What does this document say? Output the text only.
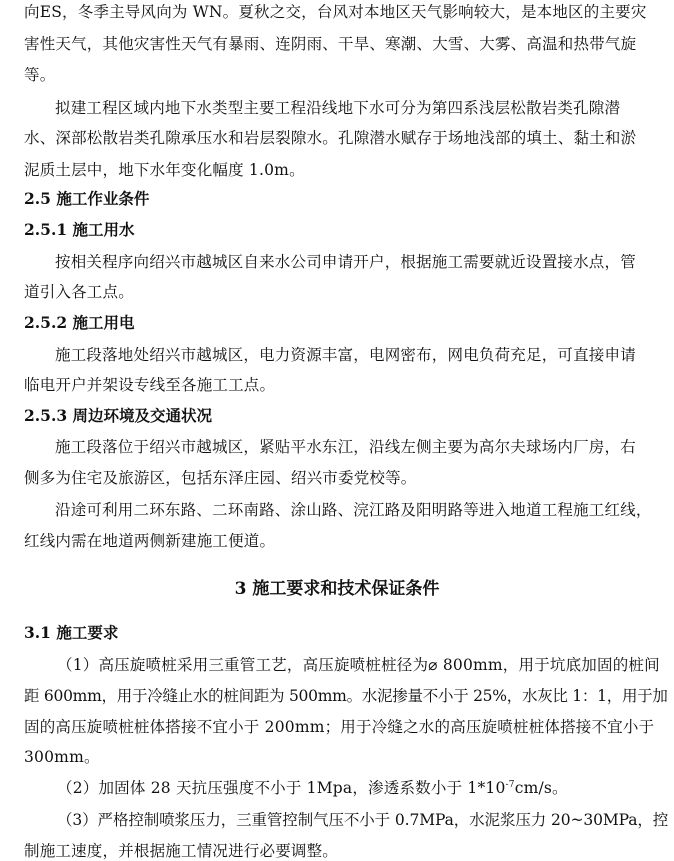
向ES，冬季主导风向为 WN。夏秋之交，台风对本地区天气影响较大，是本地区的主要灾
害性天气，其他灾害性天气有暴雨、连阴雨、干旱、寒潮、大雪、大雾、高温和热带气旋
等。
拟建工程区域内地下水类型主要工程沿线地下水可分为第四系浅层松散岩类孔隙潜
水、深部松散岩类孔隙承压水和岩层裂隙水。孔隙潜水赋存于场地浅部的填土、黏土和淤
泥质土层中，地下水年变化幅度 1.0m。
2.5 施工作业条件
2.5.1 施工用水
按相关程序向绍兴市越城区自来水公司申请开户，根据施工需要就近设置接水点，管
道引入各工点。
2.5.2 施工用电
施工段落地处绍兴市越城区，电力资源丰富，电网密布，网电负荷充足，可直接申请
临电开户并架设专线至各施工工点。
2.5.3 周边环境及交通状况
施工段落位于绍兴市越城区，紧贴平水东江，沿线左侧主要为高尔夫球场内厂房，右
侧多为住宅及旅游区，包括东泽庄园、绍兴市委党校等。
沿途可利用二环东路、二环南路、涂山路、浣江路及阳明路等进入地道工程施工红线，
红线内需在地道两侧新建施工便道。
3 施工要求和技术保证条件
3.1 施工要求
（1）高压旋喷桩采用三重管工艺，高压旋喷桩桩径为⌀ 800mm，用于坑底加固的桩间
距 600mm，用于冷缝止水的桩间距为 500mm。水泥掺量不小于 25%，水灰比 1：1，用于加
固的高压旋喷桩桩体搭接不宜小于 200mm；用于冷缝之水的高压旋喷桩桩体搭接不宜小于
300mm。
（2）加固体 28 天抗压强度不小于 1Mpa，渗透系数小于 $1*10^{-7}cm/s$。
（3）严格控制喷浆压力，三重管控制气压不小于 0.7MPa，水泥浆压力 20~30MPa，控
制施工速度，并根据施工情况进行必要调整。
